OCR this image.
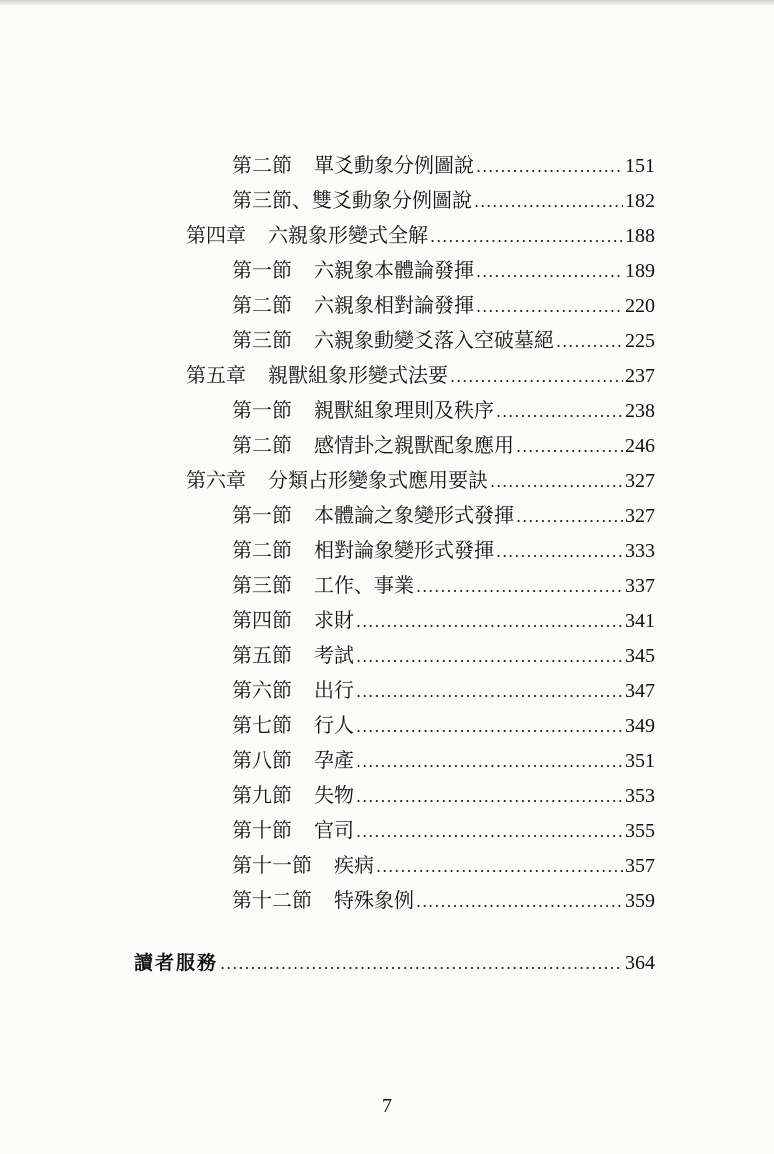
第二節 單爻動象分例圖說 .....	151
第三節、 雙爻動象分例圖說 .....	182
第四章 六親象形變式全解 .....	188
第一節 六親象本體論發揮 .....	189
第二節 六親象相對論發揮 .....	220
第三節 六親象動變爻落入空破墓絕 .....	225
第五章 親獸組象形變式法要 .....	237
第一節 親獸組象理則及秩序 .....	238
第二節 感情卦之親獸配象應用 .....	246
第六章 分類占形變象式應用要訣 .....	327
第一節 本體論之象變形式發揮 .....	327
第二節 相對論象變形式發揮 .....	333
第三節 工作、事業 .....	337
第四節 求財 .....	341
第五節 考試 .....	345
第六節 出行 .....	347
第七節 行人 .....	349
第八節 孕產 .....	351
第九節 失物 .....	353
第十節 官司 .....	355
第十一節 疾病 .....	357
第十二節 特殊象例 .....	359
讀者服務 .....	364
7
